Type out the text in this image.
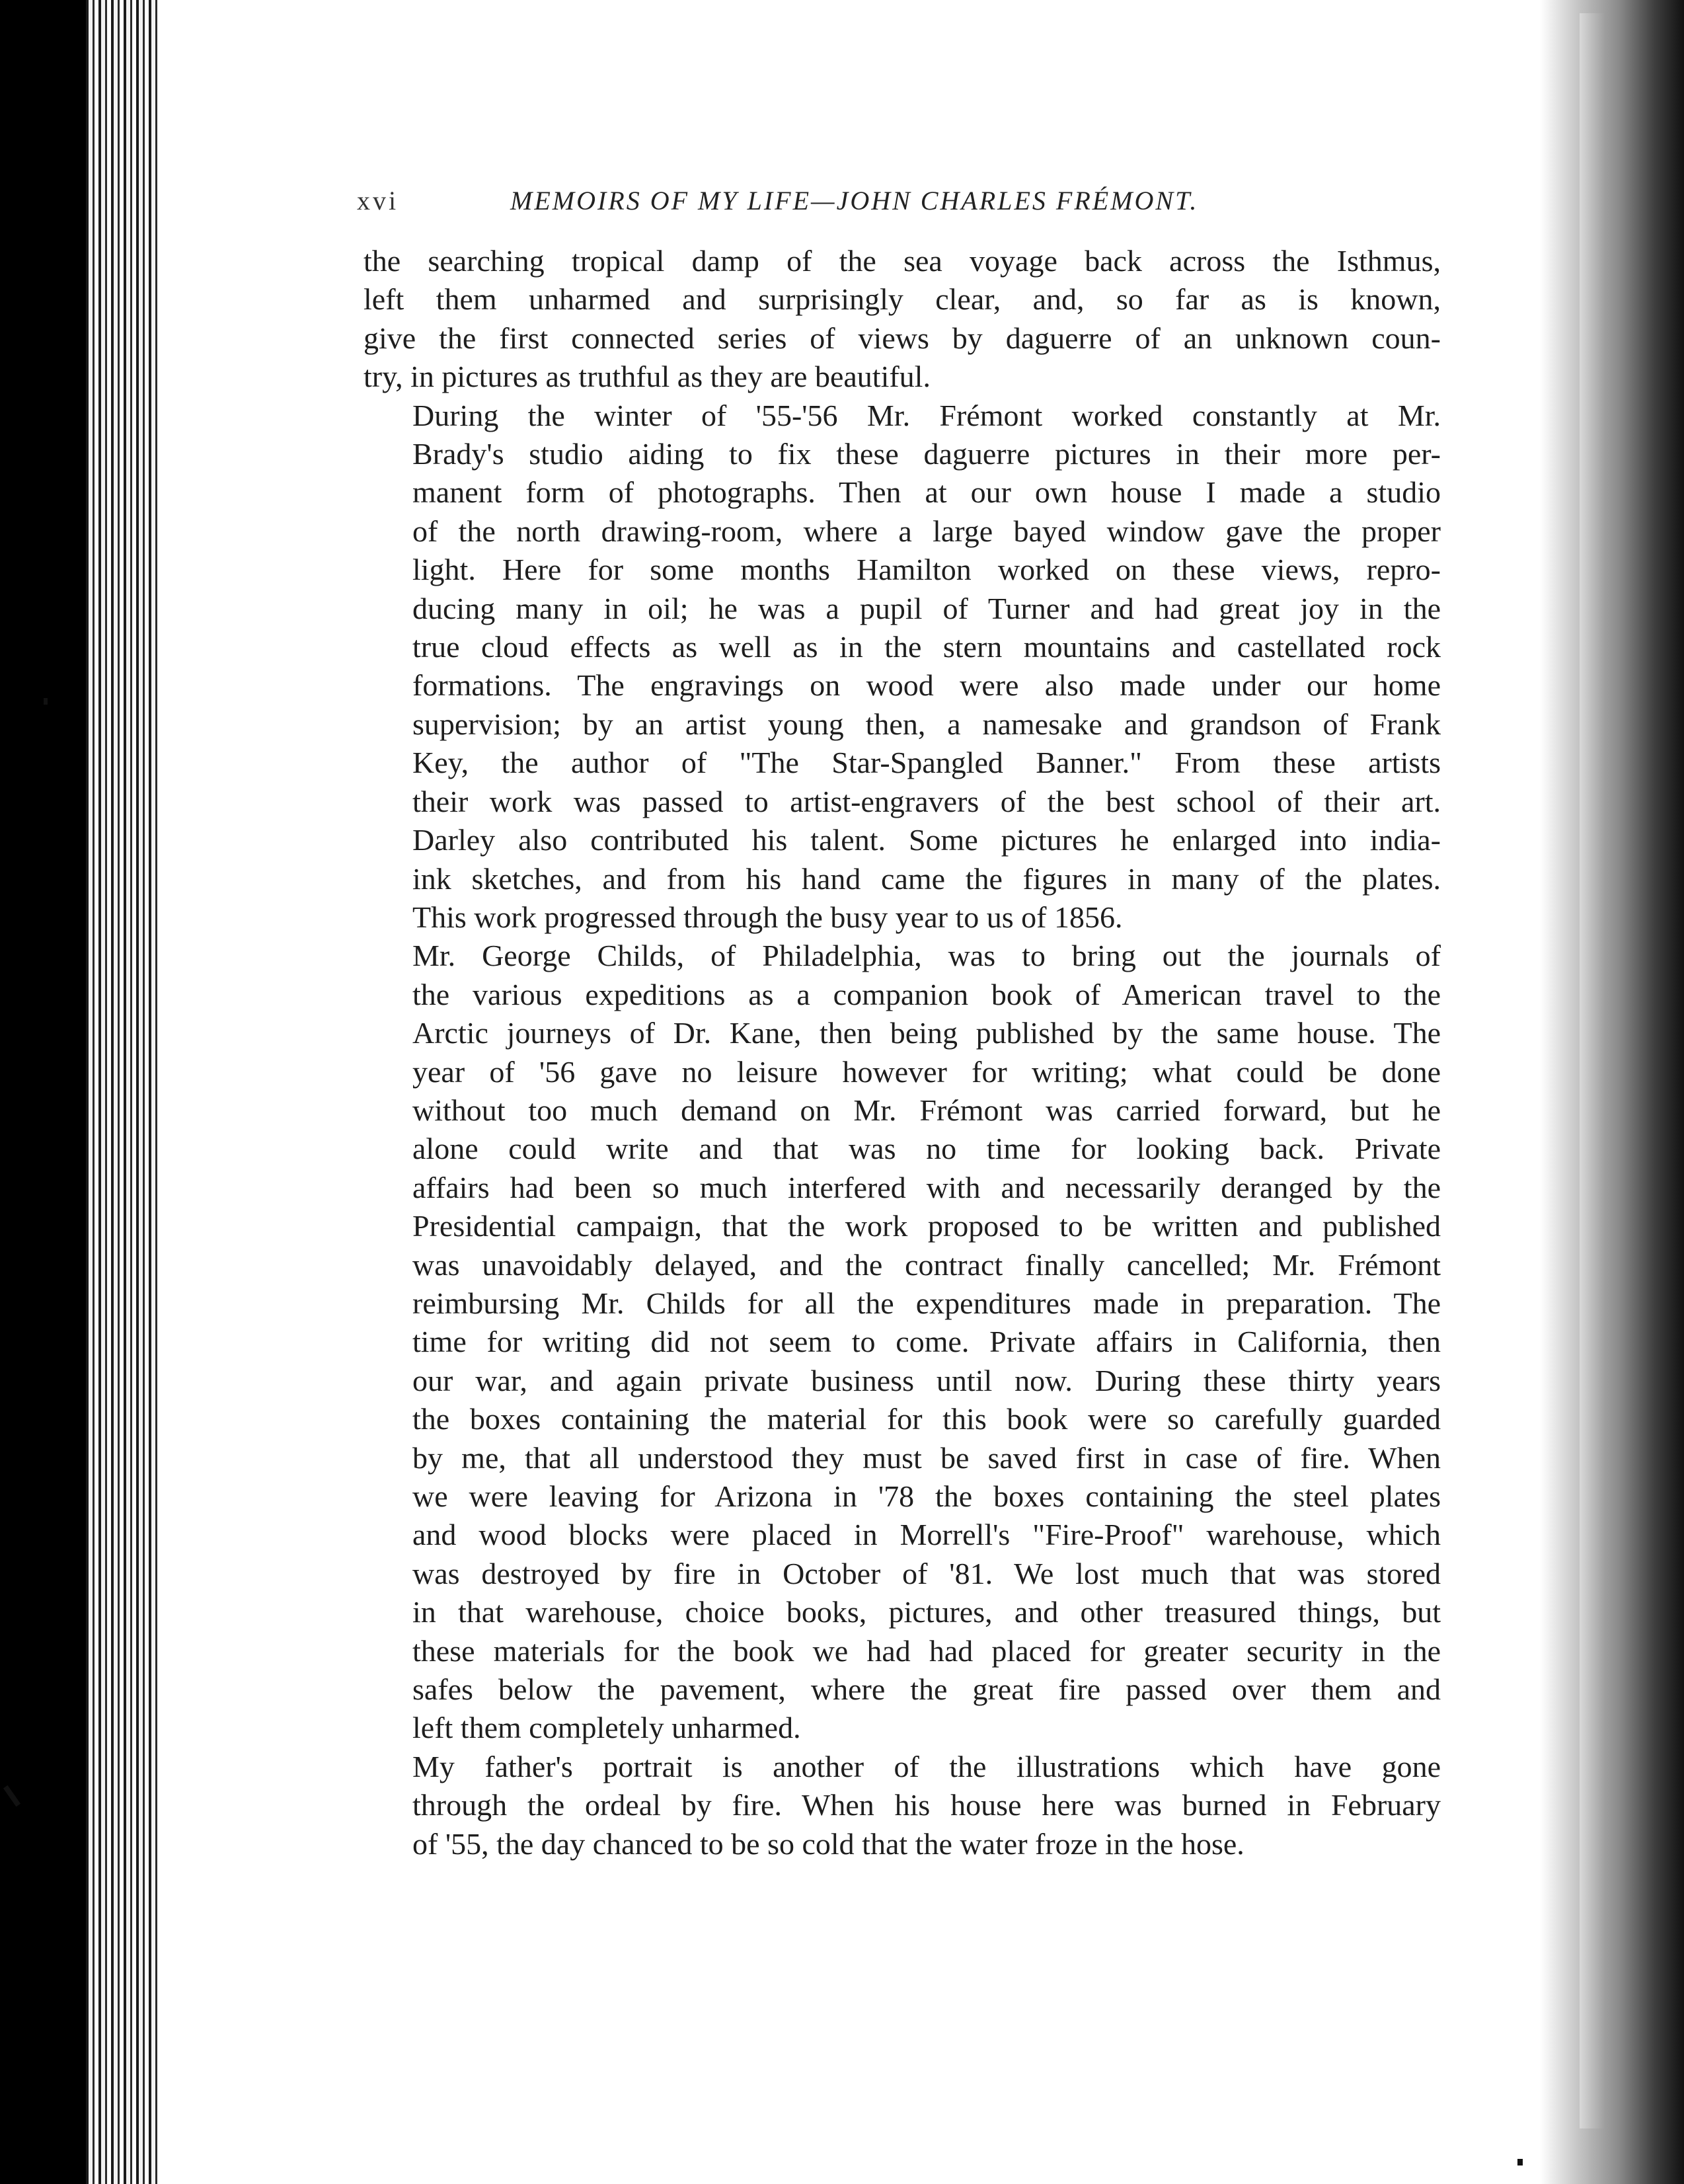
xvi	MEMOIRS OF MY LIFE—JOHN CHARLES FRÉMONT.

the searching tropical damp of the sea voyage back across the Isthmus,
left them unharmed and surprisingly clear, and, so far as is known,
give the first connected series of views by daguerre of an unknown coun-
try, in pictures as truthful as they are beautiful.

During the winter of '55-'56 Mr. Frémont worked constantly at Mr.
Brady's studio aiding to fix these daguerre pictures in their more per-
manent form of photographs. Then at our own house I made a studio
of the north drawing-room, where a large bayed window gave the proper
light. Here for some months Hamilton worked on these views, repro-
ducing many in oil; he was a pupil of Turner and had great joy in the
true cloud effects as well as in the stern mountains and castellated rock
formations. The engravings on wood were also made under our home
supervision; by an artist young then, a namesake and grandson of Frank
Key, the author of "The Star-Spangled Banner." From these artists
their work was passed to artist-engravers of the best school of their art.
Darley also contributed his talent. Some pictures he enlarged into india-
ink sketches, and from his hand came the figures in many of the plates.
This work progressed through the busy year to us of 1856.

Mr. George Childs, of Philadelphia, was to bring out the journals of
the various expeditions as a companion book of American travel to the
Arctic journeys of Dr. Kane, then being published by the same house. The
year of '56 gave no leisure however for writing; what could be done
without too much demand on Mr. Frémont was carried forward, but he
alone could write and that was no time for looking back. Private
affairs had been so much interfered with and necessarily deranged by the
Presidential campaign, that the work proposed to be written and published
was unavoidably delayed, and the contract finally cancelled; Mr. Frémont
reimbursing Mr. Childs for all the expenditures made in preparation. The
time for writing did not seem to come. Private affairs in California, then
our war, and again private business until now. During these thirty years
the boxes containing the material for this book were so carefully guarded
by me, that all understood they must be saved first in case of fire. When
we were leaving for Arizona in '78 the boxes containing the steel plates
and wood blocks were placed in Morrell's "Fire-Proof" warehouse, which
was destroyed by fire in October of '81. We lost much that was stored
in that warehouse, choice books, pictures, and other treasured things, but
these materials for the book we had had placed for greater security in the
safes below the pavement, where the great fire passed over them and
left them completely unharmed.

My father's portrait is another of the illustrations which have gone
through the ordeal by fire. When his house here was burned in February
of '55, the day chanced to be so cold that the water froze in the hose.
